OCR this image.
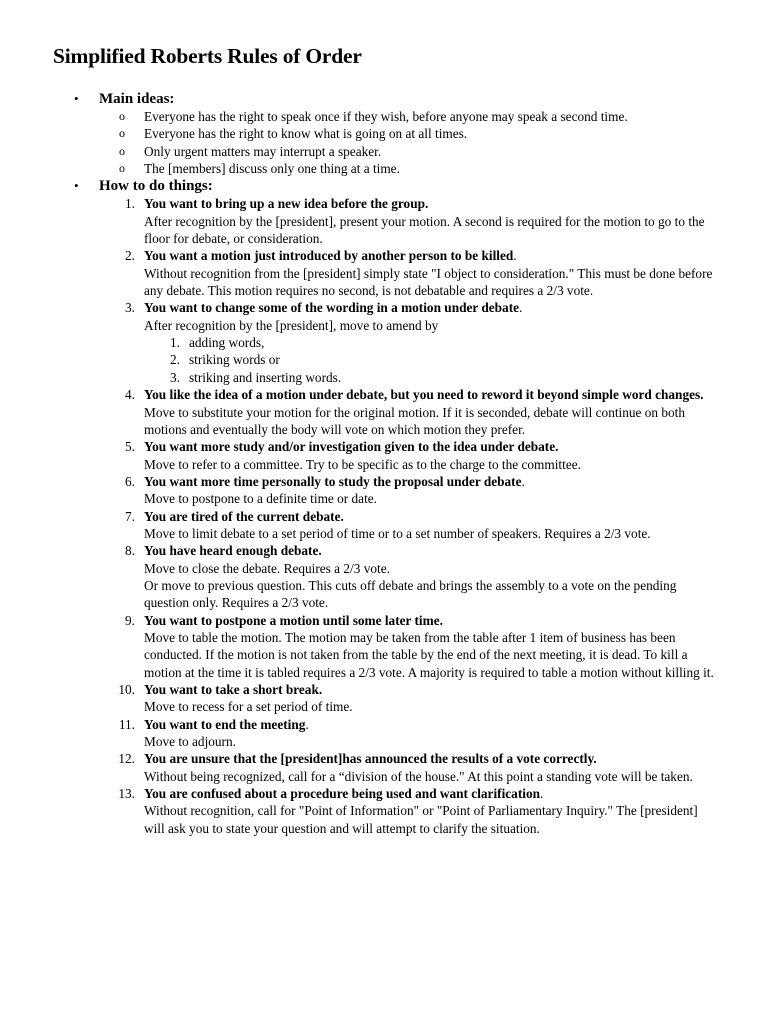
Simplified Roberts Rules of Order
• Main ideas:
o Everyone has the right to speak once if they wish, before anyone may speak a second time.
o Everyone has the right to know what is going on at all times.
o Only urgent matters may interrupt a speaker.
o The [members] discuss only one thing at a time.
• How to do things:
1. You want to bring up a new idea before the group.
After recognition by the [president], present your motion. A second is required for the motion to go to the floor for debate, or consideration.
2. You want a motion just introduced by another person to be killed.
Without recognition from the [president] simply state "I object to consideration." This must be done before any debate. This motion requires no second, is not debatable and requires a 2/3 vote.
3. You want to change some of the wording in a motion under debate.
After recognition by the [president], move to amend by
1. adding words,
2. striking words or
3. striking and inserting words.
4. You like the idea of a motion under debate, but you need to reword it beyond simple word changes.
Move to substitute your motion for the original motion. If it is seconded, debate will continue on both motions and eventually the body will vote on which motion they prefer.
5. You want more study and/or investigation given to the idea under debate.
Move to refer to a committee. Try to be specific as to the charge to the committee.
6. You want more time personally to study the proposal under debate.
Move to postpone to a definite time or date.
7. You are tired of the current debate.
Move to limit debate to a set period of time or to a set number of speakers. Requires a 2/3 vote.
8. You have heard enough debate.
Move to close the debate. Requires a 2/3 vote.
Or move to previous question. This cuts off debate and brings the assembly to a vote on the pending question only. Requires a 2/3 vote.
9. You want to postpone a motion until some later time.
Move to table the motion. The motion may be taken from the table after 1 item of business has been conducted. If the motion is not taken from the table by the end of the next meeting, it is dead. To kill a motion at the time it is tabled requires a 2/3 vote. A majority is required to table a motion without killing it.
10. You want to take a short break.
Move to recess for a set period of time.
11. You want to end the meeting.
Move to adjourn.
12. You are unsure that the [president]has announced the results of a vote correctly.
Without being recognized, call for a “division of the house." At this point a standing vote will be taken.
13. You are confused about a procedure being used and want clarification.
Without recognition, call for "Point of Information" or "Point of Parliamentary Inquiry." The [president] will ask you to state your question and will attempt to clarify the situation.
